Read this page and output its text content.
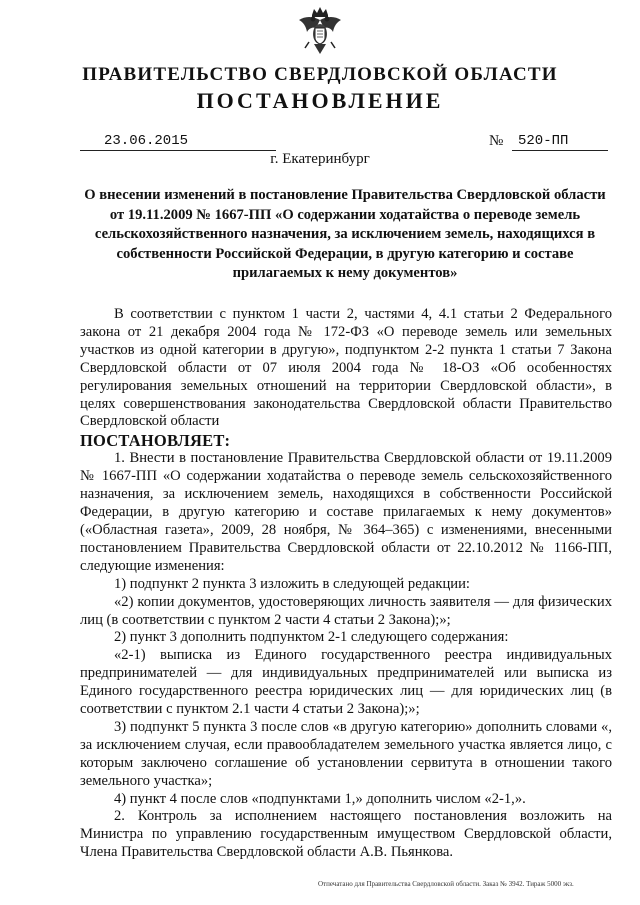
ПРАВИТЕЛЬСТВО СВЕРДЛОВСКОЙ ОБЛАСТИ
ПОСТАНОВЛЕНИЕ
23.06.2015	№	520-ПП
г. Екатеринбург
О внесении изменений в постановление Правительства Свердловской области от 19.11.2009 № 1667-ПП «О содержании ходатайства о переводе земель сельскохозяйственного назначения, за исключением земель, находящихся в собственности Российской Федерации, в другую категорию и составе прилагаемых к нему документов»

В соответствии с пунктом 1 части 2, частями 4, 4.1 статьи 2 Федерального закона от 21 декабря 2004 года № 172-ФЗ «О переводе земель или земельных участков из одной категории в другую», подпунктом 2-2 пункта 1 статьи 7 Закона Свердловской области от 07 июля 2004 года № 18-ОЗ «Об особенностях регулирования земельных отношений на территории Свердловской области», в целях совершенствования законодательства Свердловской области Правительство Свердловской области

ПОСТАНОВЛЯЕТ:

1. Внести в постановление Правительства Свердловской области от 19.11.2009 № 1667-ПП «О содержании ходатайства о переводе земель сельскохозяйственного назначения, за исключением земель, находящихся в собственности Российской Федерации, в другую категорию и составе прилагаемых к нему документов» («Областная газета», 2009, 28 ноября, № 364–365) с изменениями, внесенными постановлением Правительства Свердловской области от 22.10.2012 № 1166-ПП, следующие изменения:

1) подпункт 2 пункта 3 изложить в следующей редакции:

«2) копии документов, удостоверяющих личность заявителя — для физических лиц (в соответствии с пунктом 2 части 4 статьи 2 Закона);»;

2) пункт 3 дополнить подпунктом 2-1 следующего содержания:

«2-1) выписка из Единого государственного реестра индивидуальных предпринимателей — для индивидуальных предпринимателей или выписка из Единого государственного реестра юридических лиц — для юридических лиц (в соответствии с пунктом 2.1 части 4 статьи 2 Закона);»;

3) подпункт 5 пункта 3 после слов «в другую категорию» дополнить словами «, за исключением случая, если правообладателем земельного участка является лицо, с которым заключено соглашение об установлении сервитута в отношении такого земельного участка»;

4) пункт 4 после слов «подпунктами 1,» дополнить числом «2-1,».

2. Контроль за исполнением настоящего постановления возложить на Министра по управлению государственным имуществом Свердловской области, Члена Правительства Свердловской области А.В. Пьянкова.

Отпечатано для Правительства Свердловской области. Заказ № 3942. Тираж 5000 экз.
